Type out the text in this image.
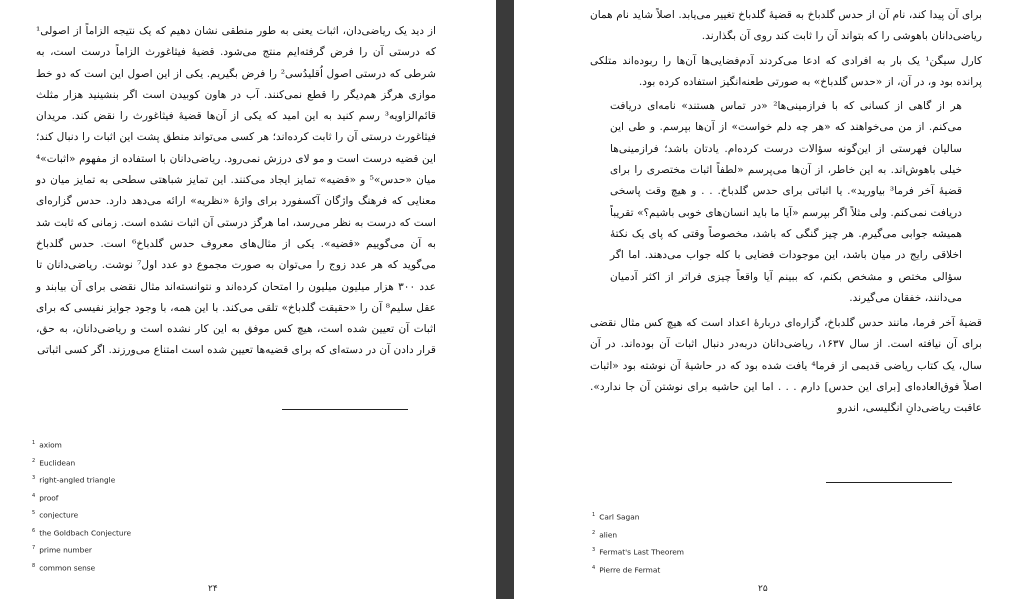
از دید یک ریاضی‌دان، اثبات یعنی به طور منطقی نشان دهیم که یک نتیجه الزاماً از اصولی¹ که درستی آن را فرض گرفته‌ایم منتج می‌شود. قضیهٔ فیثاغورث الزاماً درست است، به شرطی که درستی اصول اُقلیدُسی² را فرض بگیریم. یکی از این اصول این است که دو خط موازی هرگز هم‌دیگر را قطع نمی‌کنند. آب در هاون کوبیدن است اگر بنشینید هزار مثلث قائم‌الزاویه³ رسم کنید به این امید که یکی از آن‌ها قضیهٔ فیثاغورث را نقض کند. مریدان فیثاغورث درستی آن را ثابت کرده‌اند؛ هر کسی می‌تواند منطق پشت این اثبات را دنبال کند؛ این قضیه درست است و مو لای درزش نمی‌رود. ریاضی‌دانان با استفاده از مفهوم «اثبات»⁴ میان «حدس»⁵ و «قضیه» تمایز ایجاد می‌کنند. این تمایز شباهتی سطحی به تمایز میان دو معنایی که فرهنگ واژگان آکسفورد برای واژهٔ «نظریه» ارائه می‌دهد دارد. حدس گزاره‌ای است که درست به نظر می‌رسد، اما هرگز درستی آن اثبات نشده است. زمانی که ثابت شد به آن می‌گوییم «قضیه». یکی از مثال‌های معروف حدس گلدباخ⁶ است. حدس گلدباخ می‌گوید که هر عدد زوج را می‌توان به صورت مجموع دو عدد اول⁷ نوشت. ریاضی‌دانان تا عدد ۳۰۰ هزار میلیون میلیون را امتحان کرده‌اند و نتوانسته‌اند مثال نقضی برای آن بیابند و عقل سلیم⁸ آن را «حقیقت گلدباخ» تلقی می‌کند. با این همه، با وجود جوایز نفیسی که برای اثبات آن تعیین شده است، هیچ کس موفق به این کار نشده است و ریاضی‌دانان، به حق، قرار دادن آن در دسته‌ای که برای قضیه‌ها تعیین شده است امتناع می‌ورزند. اگر کسی اثباتی

$^1$ axiom
$^2$ Euclidean
$^3$ right-angled triangle
$^4$ proof
$^5$ conjecture
$^6$ the Goldbach Conjecture
$^7$ prime number
$^8$ common sense
۲۴

برای آن پیدا کند، نام آن از حدس گلدباخ به قضیهٔ گلدباخ تغییر می‌یابد. اصلاً شاید نام همان ریاضی‌دانان باهوشی را که بتواند آن را ثابت کند روی آن بگذارند.

کارل سیگن¹ یک بار به افرادی که ادعا می‌کردند آدم‌فضایی‌ها آن‌ها را ربوده‌اند متلکی پرانده بود و، در آن، از «حدس گلدباخ» به صورتی طعنه‌انگیز استفاده کرده بود.

هر از گاهی از کسانی که با فرازمینی‌ها² «در تماس هستند» نامه‌ای دریافت می‌کنم. از من می‌خواهند که «هر چه دلم خواست» از آن‌ها بپرسم. و طی این سالیان فهرستی از این‌گونه سؤالات درست کرده‌ام. یادتان باشد؛ فرازمینی‌ها خیلی باهوش‌اند. به این خاطر، از آن‌ها می‌پرسم «لطفاً اثبات مختصری را برای قضیهٔ آخر فرما³ بیاورید». یا اثباتی برای حدس گلدباخ. . . و هیچ وقت پاسخی دریافت نمی‌کنم. ولی مثلاً اگر بپرسم «آیا ما باید انسان‌های خوبی باشیم؟» تقریباً همیشه جوابی می‌گیرم. هر چیز گنگی که باشد، مخصوصاً وقتی که پای یک نکتهٔ اخلاقی رایج در میان باشد، این موجودات فضایی با کله جواب می‌دهند. اما اگر سؤالی مختص و مشخص بکنم، که ببینم آیا واقعاً چیزی فراتر از اکثر آدمیان می‌دانند، خفقان می‌گیرند.

قضیهٔ آخر فرما، مانند حدس گلدباخ، گزاره‌ای دربارهٔ اعداد است که هیچ کس مثال نقضی برای آن نیافته است. از سال ۱۶۳۷، ریاضی‌دانان دربه‌در دنبال اثبات آن بوده‌اند. در آن سال، یک کتاب ریاضی قدیمی از فرما⁴ یافت شده بود که در حاشیهٔ آن نوشته بود «اثبات اصلاً فوق‌العاده‌ای [برای این حدس] دارم . . . اما این حاشیه برای نوشتن آن جا ندارد». عاقبت ریاضی‌دانِ انگلیسی، اندرو

$^1$ Carl Sagan
$^2$ alien
$^3$ Fermat's Last Theorem
$^4$ Pierre de Fermat
۲۵
